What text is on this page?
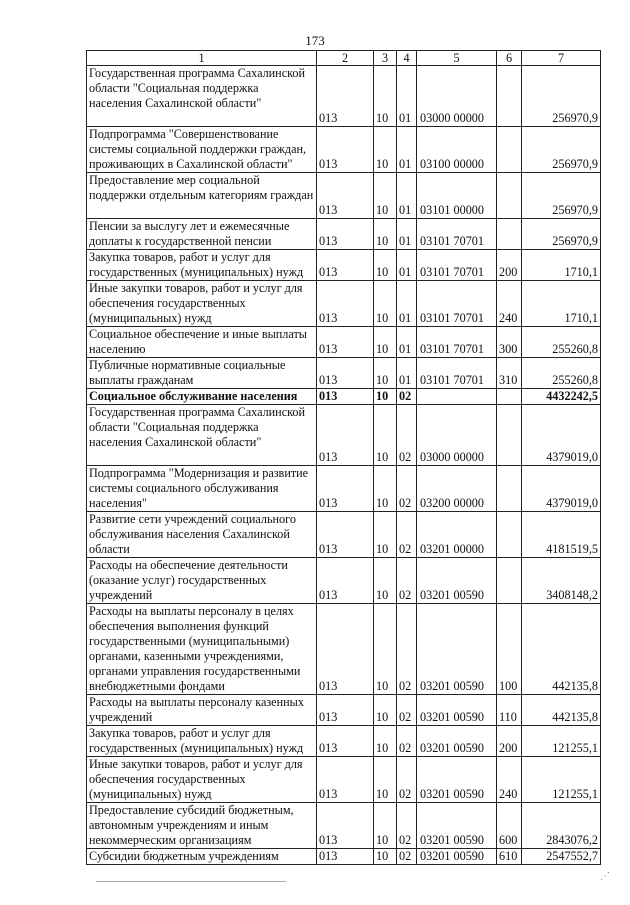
173
1	2	3	4	5	6	7
Государственная программа Сахалинской области "Социальная поддержка населения Сахалинской области"	013	10	01	03000 00000		256970,9
Подпрограмма "Совершенствование системы социальной поддержки граждан, проживающих в Сахалинской области"	013	10	01	03100 00000		256970,9
Предоставление мер социальной поддержки отдельным категориям граждан	013	10	01	03101 00000		256970,9
Пенсии за выслугу лет и ежемесячные доплаты к государственной пенсии	013	10	01	03101 70701		256970,9
Закупка товаров, работ и услуг для государственных (муниципальных) нужд	013	10	01	03101 70701	200	1710,1
Иные закупки товаров, работ и услуг для обеспечения государственных (муниципальных) нужд	013	10	01	03101 70701	240	1710,1
Социальное обеспечение и иные выплаты населению	013	10	01	03101 70701	300	255260,8
Публичные нормативные социальные выплаты гражданам	013	10	01	03101 70701	310	255260,8
Социальное обслуживание населения	013	10	02			4432242,5
Государственная программа Сахалинской области "Социальная поддержка населения Сахалинской области"	013	10	02	03000 00000		4379019,0
Подпрограмма "Модернизация и развитие системы социального обслуживания населения"	013	10	02	03200 00000		4379019,0
Развитие сети учреждений социального обслуживания населения Сахалинской области	013	10	02	03201 00000		4181519,5
Расходы на обеспечение деятельности (оказание услуг) государственных учреждений	013	10	02	03201 00590		3408148,2
Расходы на выплаты персоналу в целях обеспечения выполнения функций государственными (муниципальными) органами, казенными учреждениями, органами управления государственными внебюджетными фондами	013	10	02	03201 00590	100	442135,8
Расходы на выплаты персоналу казенных учреждений	013	10	02	03201 00590	110	442135,8
Закупка товаров, работ и услуг для государственных (муниципальных) нужд	013	10	02	03201 00590	200	121255,1
Иные закупки товаров, работ и услуг для обеспечения государственных (муниципальных) нужд	013	10	02	03201 00590	240	121255,1
Предоставление субсидий бюджетным, автономным учреждениям и иным некоммерческим организациям	013	10	02	03201 00590	600	2843076,2
Субсидии бюджетным учреждениям	013	10	02	03201 00590	610	2547552,7
⋰
